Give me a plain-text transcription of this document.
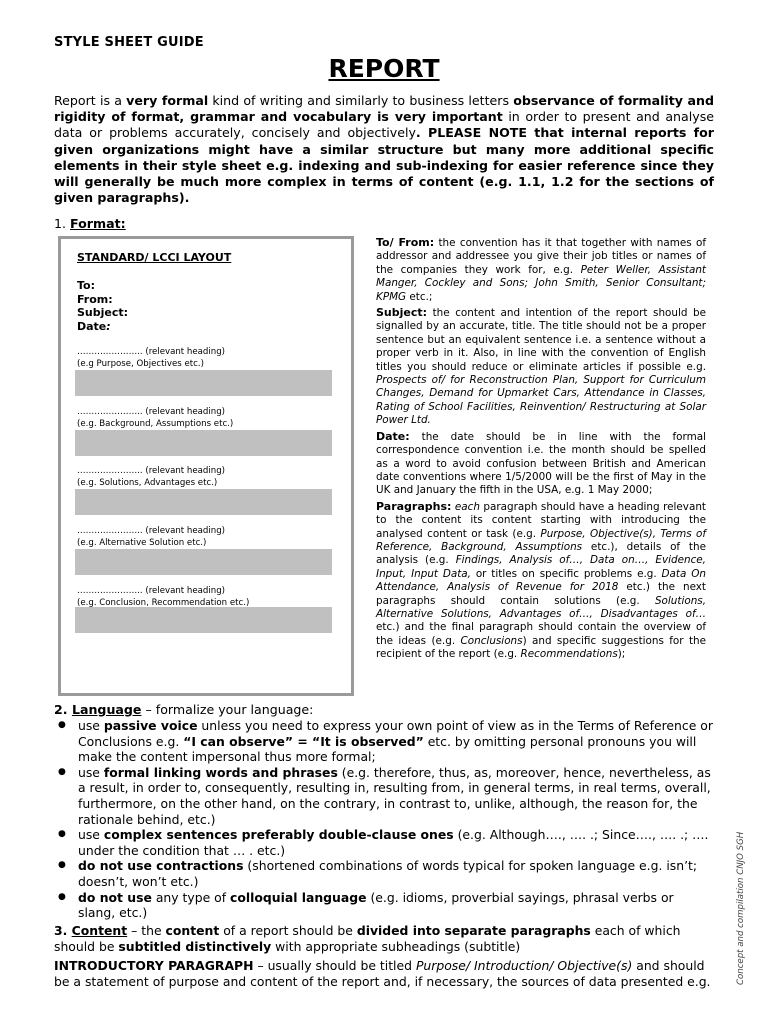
STYLE SHEET GUIDE
REPORT
Report is a very formal kind of writing and similarly to business letters observance of formality and rigidity of format, grammar and vocabulary is very important in order to present and analyse data or problems accurately, concisely and objectively. PLEASE NOTE that internal reports for given organizations might have a similar structure but many more additional specific elements in their style sheet e.g. indexing and sub-indexing for easier reference since they will generally be much more complex in terms of content (e.g. 1.1, 1.2 for the sections of given paragraphs).
1. Format:
STANDARD/ LCCI LAYOUT
To:
From:
Subject:
Date:
………………….. (relevant heading)
(e.g Purpose, Objectives etc.)
………………….. (relevant heading)
(e.g. Background, Assumptions etc.)
………………….. (relevant heading)
(e.g. Solutions, Advantages etc.)
………………….. (relevant heading)
(e.g. Alternative Solution etc.)
………………….. (relevant heading)
(e.g. Conclusion, Recommendation etc.)

To/ From: the convention has it that together with names of addressor and addressee you give their job titles or names of the companies they work for, e.g. Peter Weller, Assistant Manger, Cockley and Sons; John Smith, Senior Consultant; KPMG etc.;

Subject: the content and intention of the report should be signalled by an accurate, title. The title should not be a proper sentence but an equivalent sentence i.e. a sentence without a proper verb in it. Also, in line with the convention of English titles you should reduce or eliminate articles if possible e.g. Prospects of/ for Reconstruction Plan, Support for Curriculum Changes, Demand for Upmarket Cars, Attendance in Classes, Rating of School Facilities, Reinvention/ Restructuring at Solar Power Ltd.

Date: the date should be in line with the formal correspondence convention i.e. the month should be spelled as a word to avoid confusion between British and American date conventions where 1/5/2000 will be the first of May in the UK and January the fifth in the USA, e.g. 1 May 2000;

Paragraphs: each paragraph should have a heading relevant to the content its content starting with introducing the analysed content or task (e.g. Purpose, Objective(s), Terms of Reference, Background, Assumptions etc.), details of the analysis (e.g. Findings, Analysis of…, Data on…, Evidence, Input, Input Data, or titles on specific problems e.g. Data On Attendance, Analysis of Revenue for 2018 etc.) the next paragraphs should contain solutions (e.g. Solutions, Alternative Solutions, Advantages of…, Disadvantages of… etc.) and the final paragraph should contain the overview of the ideas (e.g. Conclusions) and specific suggestions for the recipient of the report (e.g. Recommendations);

2. Language – formalize your language:
● use passive voice unless you need to express your own point of view as in the Terms of Reference or Conclusions e.g. “I can observe” = “It is observed” etc. by omitting personal pronouns you will make the content impersonal thus more formal;
● use formal linking words and phrases (e.g. therefore, thus, as, moreover, hence, nevertheless, as a result, in order to, consequently, resulting in, resulting from, in general terms, in real terms, overall, furthermore, on the other hand, on the contrary, in contrast to, unlike, although, the reason for, the rationale behind, etc.)
● use complex sentences preferably double-clause ones (e.g. Although…., …. .; Since…., …. .; …. under the condition that … . etc.)
● do not use contractions (shortened combinations of words typical for spoken language e.g. isn’t; doesn’t, won’t etc.)
● do not use any type of colloquial language (e.g. idioms, proverbial sayings, phrasal verbs or slang, etc.)
3. Content – the content of a report should be divided into separate paragraphs each of which should be subtitled distinctively with appropriate subheadings (subtitle)
INTRODUCTORY PARAGRAPH – usually should be titled Purpose/ Introduction/ Objective(s) and should be a statement of purpose and content of the report and, if necessary, the sources of data presented e.g.	Concept and compilation CNJO SGH
